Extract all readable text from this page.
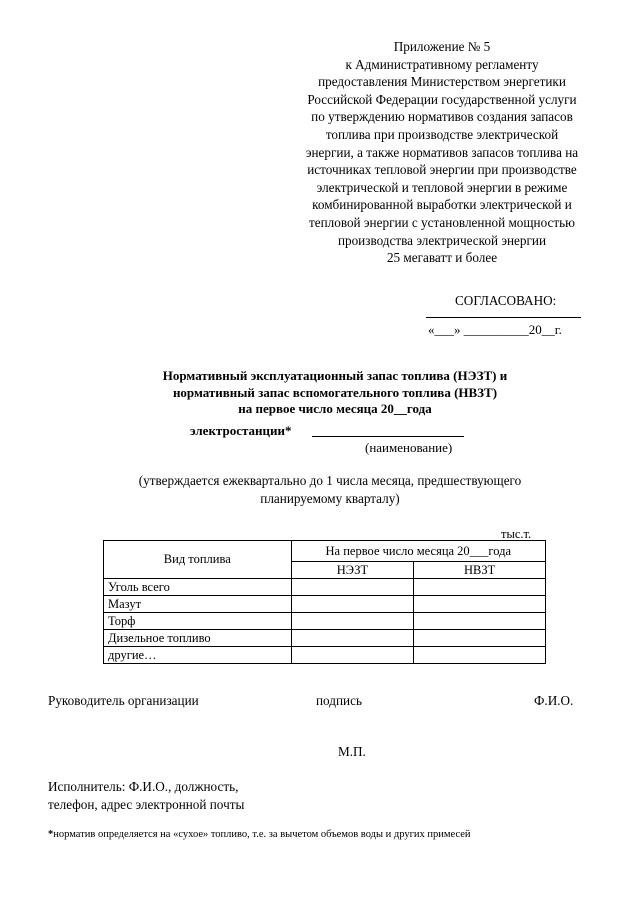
Приложение № 5
к Административному регламенту
предоставления Министерством энергетики
Российской Федерации государственной услуги
по утверждению нормативов создания запасов
топлива при производстве электрической
энергии, а также нормативов запасов топлива на
источниках тепловой энергии при производстве
электрической и тепловой энергии в режиме
комбинированной выработки электрической и
тепловой энергии с установленной мощностью
производства электрической энергии
25 мегаватт и более
СОГЛАСОВАНО:
«___» __________20__г.
Нормативный эксплуатационный запас топлива (НЭЗТ) и
нормативный запас вспомогательного топлива (НВЗТ)
на первое число месяца 20__года
электростанции*
(наименование)
(утверждается ежеквартально до 1 числа месяца, предшествующего
планируемому кварталу)
тыс.т.
Вид топлива	На первое число месяца 20___года	
	НЭЗТ	НВЗТ
Уголь всего		
Мазут		
Торф		
Дизельное топливо		
другие…		
Руководитель организации	подпись	Ф.И.О.
М.П.
Исполнитель: Ф.И.О., должность,
телефон, адрес электронной почты
*норматив определяется на «сухое» топливо, т.е. за вычетом объемов воды и других примесей
